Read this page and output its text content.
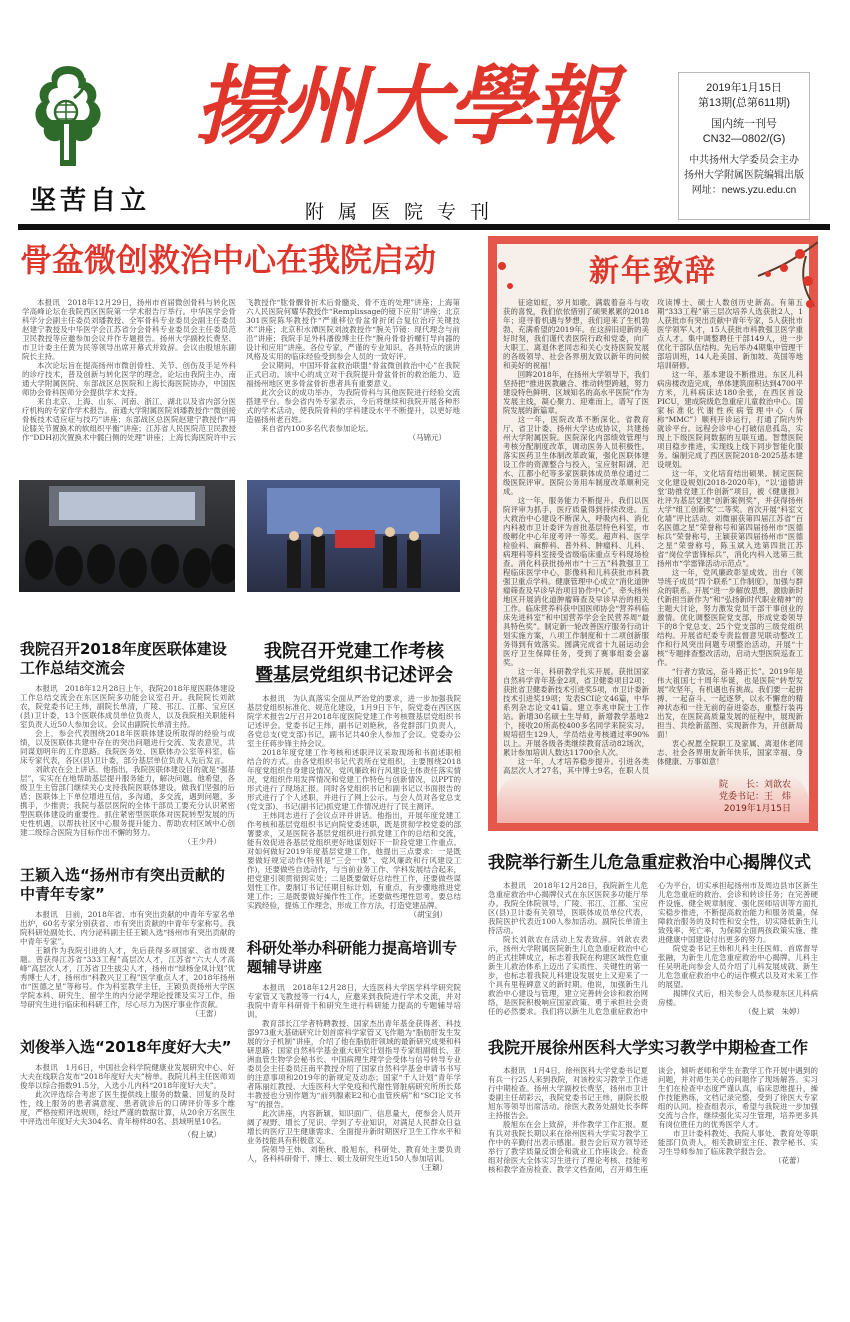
坚苦自立
揚州大學報
附属医院专刊
2019年1月15日
第13期(总第611期)
国内统一刊号
CN32—0802/(G)
中共扬州大学委员会主办
扬州大学附属医院编辑出版
网址：news.yzu.edu.cn
骨盆微创救治中心在我院启动

本报讯　2018年12月29日，扬州市首届微创骨科与转化医学高峰论坛在我院西区医院第一学术报告厅举行。中华医学会骨科学分会副主任委员刘璠教授、全军骨科专业委员会副主任委员赵建宁教授及中华医学会江苏省分会骨科专业委员会主任委员范卫民教授等应邀参加会议并作专题报告。扬州大学副校长费坚、市卫计委主任黄为民等领导出席开幕式并致辞。会议由殷旭东副院长主持。

本次论坛旨在提高扬州市微创骨柱、关节、创伤及手足外科的诊疗技术，普及创新与转化医学的理念。论坛由我院主办，南通大学附属医院、东部战区总医院和上海长海医院协办，中国医师协会骨科医师分会提供学术支持。

来自北京、上海、山东、河南、浙江、湖北以及省内部分医疗机构的专家作学术报告。南通大学附属医院刘璠教授作“微创接骨板技术适应症与技巧”讲座；东部战区总医院赵建宁教授作“再论膝关节置换术的软组织平衡”讲座；江苏省人民医院范卫民教授作“DDH初次置换术中髋臼侧的处理”讲座；上海长海医院许中云飞教授作“肱骨髁骨折术后骨髓炎、骨不连的处理”讲座；上海第六人民医院何耀华教授作“Remplissage的镜下应用”讲座；北京301医院陈华教授作“严重移位骨盆骨折闭合复位治疗关键技术”讲座；北京积水潭医院刘波教授作“腕关节镜：现代理念与前沿”讲座；我院手足外科潘俊博主任作“腕舟骨骨折螺钉导向器的设计和应用”讲座。各位专家，严谨的专业知识、各具特点的演讲风格及实用的临床经验受到参会人员的一致好评。

会议期间，中国环骨盆救治联盟“骨盆微创救治中心”在我院正式启动。该中心的成立对于我院提升骨盆骨折的救治能力、造福扬州地区更多骨盆骨折患者具有重要意义。

此次会议的成功举办，为我院骨科与其他医院进行经验交流搭建平台。参会省内外专家表示，今后将继续和我院开展各种形式的学术活动，使我院骨科的学科建设水平不断提升，以更好地造福扬州老百姓。

来自省内100多名代表参加论坛。

（马锦元）
我院召开2018年度医联体建设工作总结交流会

本报讯　2018年12月28日上午，我院2018年度医联体建设工作总结交流会在东区医院多功能会议室召开。我院院长刘歆农，院党委书记王炜，副院长单清，广陵、邗江、江都、宝应区(县)卫计委，13个医联体成员单位负责人，以及我院相关职能科室负责人近50人参加会议。会议由副院长单清主持。

会上，参会代表围绕2018年医联体建设所取得的经验与成绩，以及医联体共建中存在的突出问题进行交流、发表意见，共同谋划明年的工作思路。我院医务处、医联体办公室等科室，临床专家代表，各区(县)卫计委，部分基层单位负责人先后发言。

刘歆农在会上讲话。他指出，我院医联体建设目的就是“强基层”，实实在在地帮助基层提升服务能力，解决问题。他希望，各级卫生主管部门继续关心支持我院医联体建设，做我们坚强的后盾；医联体上下单位增进互信，多沟通，多交流，遇到问题，多携手，少推责；我院与基层医院的全体干部员工要充分认识紧密型医联体建设的重要性。抓住紧密型医联体对医院转型发展的历史性机遇，以帮扶社区中心服务提升能力、帮助农村区域中心创建二级综合医院为目标作出不懈的努力。

（王少丹）
王颖入选“扬州市有突出贡献的中青年专家”

本报讯　日前，2018年省、市有突出贡献的中青年专家名单出炉，60名专家分别获省、市有突出贡献的中青年专家称号。我院科研处副处长、内分泌科副主任王颖入选“扬州市有突出贡献的中青年专家”。

王颖作为我院引进的人才，先后获得多项国家、省市级课题。曾获得江苏省“333工程”高层次人才，江苏省“六大人才高峰”高层次人才，江苏省卫生拔尖人才，扬州市“绿杨金凤计划”优秀博士人才，扬州市“科教兴卫工程”医学重点人才，2018年扬州市“医德之星”等称号。作为科室教学主任，王颖负责扬州大学医学院本科、研究生、留学生的内分泌学理论授课及实习工作，指导研究生进行临床和科研工作，尽心尽力为医疗事业作贡献。

（王雷）
刘俊举入选“2018年度好大夫”

本报讯　1月6日，中国社会科学院健康业发展研究中心、好大夫在线联合发布“2018年度好大夫”榜单。我院儿科主任医师刘俊举以综合指数91.5分，入选小儿内科“2018年度好大夫”。

此次评选综合考虑了医生提供线上服务的数量、回复的及时性，线上服务的患者满意度、患者就诊后的口碑评价等多个维度，严格按照评选规则，经过严谨的数据计算，从20余万名医生中评选出年度好大夫304名、青年榜样80名、县域明星10名。

（倪上斌）
我院召开党建工作考核
暨基层党组织书记述评会

本报讯　为认真落实全面从严治党的要求，进一步加强我院基层党组织标准化、规范化建设，1月9日下午，院党委在西区医院学术报告2厅召开2018年度医院党建工作考核暨基层党组织书记述评会。党委书记王炜，副书记刘艳秋，各党群部门负责人，各党总支(党支部)书记，副书记共40余人参加了会议。党委办公室主任蒋步锋主持会议。

2018年度党建工作考核和述职评议采取现场和书面述职相结合的方式。由各党组织书记代表所在党组织，主要围绕2018年度党组织自身建设情况，党风廉政和行风建设主体责任落实情况，党组织作用发挥情况和党建工作特色与创新情况，以PPT的形式进行了现场汇报。同时各党组织书记和副书记以书面报告的形式进行了个人述职，并进行了网上公示。与会人员对各党总支(党支部)、书记(副书记)抓党建工作情况进行了民主测评。

王炜同志进行了会议点评并讲话。他指出，开展年度党建工作考核和基层党组织书记向院党委述职，既是贯彻学校党委的部署要求，又是医院各基层党组织进行抓党建工作的总结和交流，能有效促进各基层党组织更好地谋划好下一阶段党建工作重点。对如何做好2019年度基层党建工作，他提出三点要求：一是既要做好规定动作(特别是“三会一课”、党风廉政和行风建设工作)，还要做些自选动作，与当前业务工作、学科发展结合起来，把党建引领贯彻到实处；二是既要做好总结性工作，还要做些谋划性工作。要制订书记任期目标计划，有重点，有步骤地推进党建工作；三是既要做好操作性工作，还要做些理性思考。要总结实践经验，提炼工作理念，形成工作方法，打造党建品牌。

（胡宝剑）
科研处举办科研能力提高培训专题辅导讲座

本报讯　2018年12月28日，大连医科大学医学科学研究院专家管又飞教授等一行4人，应邀来到我院进行学术交流，并对我院中青年科研骨干和研究生进行科研能力提高的专题辅导培训。

教育部长江学者特聘教授、国家杰出青年基金获得者、科技部973重大基础研究计划首席科学家管又飞作题为“脂肪肝发生发展的分子机制”讲座，介绍了他在脂肪肝领域的最新研究成果和科研思路；国家自然科学基金重大研究计划指导专家组副组长、亚洲血管生物学会秘书长、中国病理生理学会受体与信号转导专业委员会主任委员汪南平教授介绍了国家自然科学基金申请书书写的注意事项和2019年的新规定及动态；国家“千人计划”青年学者陈丽红教授、大连医科大学免疫和代谢性肾脏病研究所所长郑丰教授也分别作题为“前列腺素E2和心血管疾病”和“SCI论文书写”的报告。

此次讲座，内容新颖、知识面广、信息量大，使参会人员开阔了视野、增长了见识、学到了专业知识，对满足人民群众日益增长的医疗卫生健康需求、全面提升新时期医疗卫生工作水平和业务技能具有积极意义。

院领导王炜、刘艳秋、殷旭东，科研处、教育处主要负责人，各科科研骨干、博士、硕士及研究生近150人参加培训。

（王颖）
新年致辞

征途如虹，岁月如歌。满载着奋斗与收获的喜悦，我们依依惜别了硕果累累的2018年；迎寻着机遇与梦想，我们迎来了生机勃勃、充满希望的2019年。在这辞旧迎新的美好时刻，我们谨代表医院行政和党委，向广大职工、离退休老同志和关心支持医院发展的各级领导、社会各界朋友致以新年的问候和美好的祝福！

回眸2018年，在扬州大学领导下，我们坚持把“推进医教融合、推动转型跨越，努力建设特色鲜明、区域知名的高水平医院”作为发展主线，凝心聚力、迎难而上，谱写了医院发展的新篇章。

这一年，医院改革不断深化。省教育厅、省卫计委、扬州大学达成协议，共建扬州大学附属医院。医院深化内部绩效管理与考核分配制度改革，调动医务人员积极性。落实医药卫生体制改革政策，强化医联体建设工作的资源整合与投入，宝应射阳湖、汜水、江都小纪等多家医联体成员单位通过二级医院评审。医院公务用车制度改革顺利完成。

这一年，服务能力不断提升。我们以医院评审为抓手，医疗质量得到持续改进。五大救治中心建设不断深入，呼吸内科、消化内科被市卫计委评为首批基层特色科室，市级孵化中心年度考评一等奖。超声科、医学检验科、麻醉科、普外科、肿瘤科、儿科、病理科等科室接受省级临床重点专科现场检查。消化科获批扬州市“十三五”科教强卫工程临床医学中心，影像科和儿科获批市科教强卫重点学科。健康管理中心成立“消化道肿瘤筛查及早诊早治项目协作中心”，牵头扬州地区开展消化道肿瘤筛查及早诊早治的相关工作。临床营养科获中国医师协会“营养科临床先进科室”和中国营养学会全民营养周“最具特色奖”。制定新一轮改善医疗服务行动计划实施方案，八项工作制度和十二项创新服务得到有效落实。圆满完成省十九届运动会医疗卫生保障任务，受到了赛事组委会嘉奖。

这一年，科研教学扎实开展。获批国家自然科学青年基金2项，省卫健委项目2项；获批省卫健委新技术引进奖5项，市卫计委新技术引进奖19项；发表SCI论文46篇，中华系列杂志论文41篇。建立李兆申院士工作站。新增30名硕士生导师，新增教学基地2个，接收20所高校400多名同学来院实习。规培招生129人，学员结业考核通过率90%以上。开展各级各类继续教育活动82场次，累计参加培训人数达11700余人次。

这一年，人才培养稳步提升。引进各类高层次人才27名，其中博士9名，在职人员攻读博士、硕士人数创历史新高。有第五期“333工程”第三层次培养人选获批2人，1人获批市有突出贡献中青年专家，5人获批市医学领军人才，15人获批市科教强卫医学重点人才。集中调整聘任干部149人，进一步优化干部队伍结构。先后举办4期集中管理干部培训班，14人赴美国、新加坡、英国等地培训研修。

这一年，基本建设不断推进。东区儿科病房楼改造完成，单体建筑面积达到4700平方米，儿科病床达180余张，在西区首设PICU，建成院级危急重症儿童救治中心。国家标准化代谢性疾病管理中心（简称“MMC”）顺利开诊运行，打通了院内外就诊平台。远程会诊中心打破信息孤岛，实现上下级医院间数据的互联互通。智慧医院项目稳步推进，实现线上线下同步智能化服务。编制完成了西区医院2018-2025基本建设规划。

这一年，文化培育结出硕果。制定医院文化建设规划(2018-2020年)，“以‘道德讲堂’助推党建工作创新”项目，被《健康报》社评为基层党建“创新案例奖”，并获得扬州大学“组工创新奖”二等奖。首次开展“科室文化墙”评比活动。刘微丽获第四届江苏省“百名医德之星”荣誉称号和第四届扬州市“医德标兵”荣誉称号，王颖获第四届扬州市“医德之星”荣誉称号，陈玉斌入选第四批江苏省“岗位学雷锋标兵”，消化内科入选第三批扬州市“学雷锋活动示范点”。

这一年，党风廉政彰显成效。出台《领导班子成员“四个联系”工作制度》，加强与群众的联系。开展“进一步解放思想，激励新时代新担当新作为”和“弘扬新时代职业精神”的主题大讨论，努力激发党员干部干事创业的激情。优化调整医院党支部，形成党委领导下的8个党总支、25个党支部的三级党组织结构。开展省纪委专责监督意见联动整改工作和行风突出问题专项整治活动，开展“十核”专题排查整改活动，启动大型医院巡查工作。

“行者方致远，奋斗路正长”。2019年是伟大祖国七十周年华诞，也是医院“转型发展”攻坚年，有机遇也有挑战。我们要一起拼搏、一起奋斗、一起逐梦，以永不懈怠的精神状态和一往无前的奋进姿态，重整行装再出发，在医院高质量发展的征程中，展现新担当、共绘新蓝图、实现新作为，开创新局面！

衷心祝愿全院职工及家属、离退休老同志、社会各界朋友新年快乐，国家幸福、身体健康、万事如意！

院　　长：刘歆农
党委书记：王　炜
2019年1月15日
我院举行新生儿危急重症救治中心揭牌仪式

本报讯　2018年12月28日，我院新生儿危急重症救治中心揭牌仪式在东区医院多功能厅举办。我院全体院领导，广陵、邗江、江都、宝应区(县)卫计委有关领导，医联体成员单位代表，我院医护代表近100人参加活动。副院长单清主持活动。

院长刘歆农在活动上发表致辞。刘歆农表示，扬州大学附属医院新生儿危急重症救治中心的正式挂牌成立，标志着我院在构建区域性危重新生儿救治体系上迈出了实质性、关键性的第一步，也标志着我院儿科建设发展史上又迎来了一个具有里程碑意义的新时期。他说，加强新生儿救治中心建设与管理，建立完善转会诊和救治网络，是医院积极响应国家政策、勇于承担社会责任的必然要求。我们将以新生儿危急重症救治中心为平台，切实承担起扬州市及周边县市区新生儿危急重症的救治、会诊和转诊任务；在完善硬件设施、健全规章制度、强化医师培训等方面扎实稳步推进，不断提高救治能力和服务质量，保障救治服务的及时性和安全性，切实降低新生儿致残率、死亡率，为保障全面两孩政策实施、推进健康中国建设付出更多的努力。

院党委书记王炜和儿科主任医师、首席督导张融，为新生儿危急重症救治中心揭牌。儿科主任吴明赴向参会人员介绍了儿科发展成就、新生儿危急重症救治中心的运作模式以及对未来工作的展望。

揭牌仪式后，相关参会人员参观东区儿科病房楼。

（倪上斌　朱婷）
我院开展徐州医科大学实习教学中期检查工作

本报讯　1月4日，徐州医科大学党委书记夏有兵一行25人来到我院，对该校实习教学工作进行中期检查。扬州大学副校长费坚，扬州市卫计委副主任胡彩云，我院党委书记王炜，副院长殷旭东等领导出席活动。徐医大教务处副处长李辉主持报告会。

殷旭东在会上致辞，并作教学工作汇报。夏有兵对我院长期以来在徐州医科大学实习教学工作中的辛勤付出表示感谢。报告会后双方领导还举行了教学质量反馈会和就业工作座谈会。检查组对徐医大全体实习生进行了理论考核、技能考核和教学查房检查、教学文档查阅，召开师生座谈会，倾听老师和学生在教学工作开展中遇到的问题，并对师生关心的问题作了现场解答。实习生们在检查中态度严谨认真，临床思维提升，操作技能熟练，文档记录完整，受到了徐医大专家组的认同。检查组表示，希望与我院进一步加强交流与合作，继续强化实习生管理，培养更多具有岗位胜任力的优秀医学人才。

市卫计委科教处、我院人事处、教育处等职能部门负责人，相关教研室主任、教学秘书、实习生导师参加了临床教学报告会。

（花蕾）
